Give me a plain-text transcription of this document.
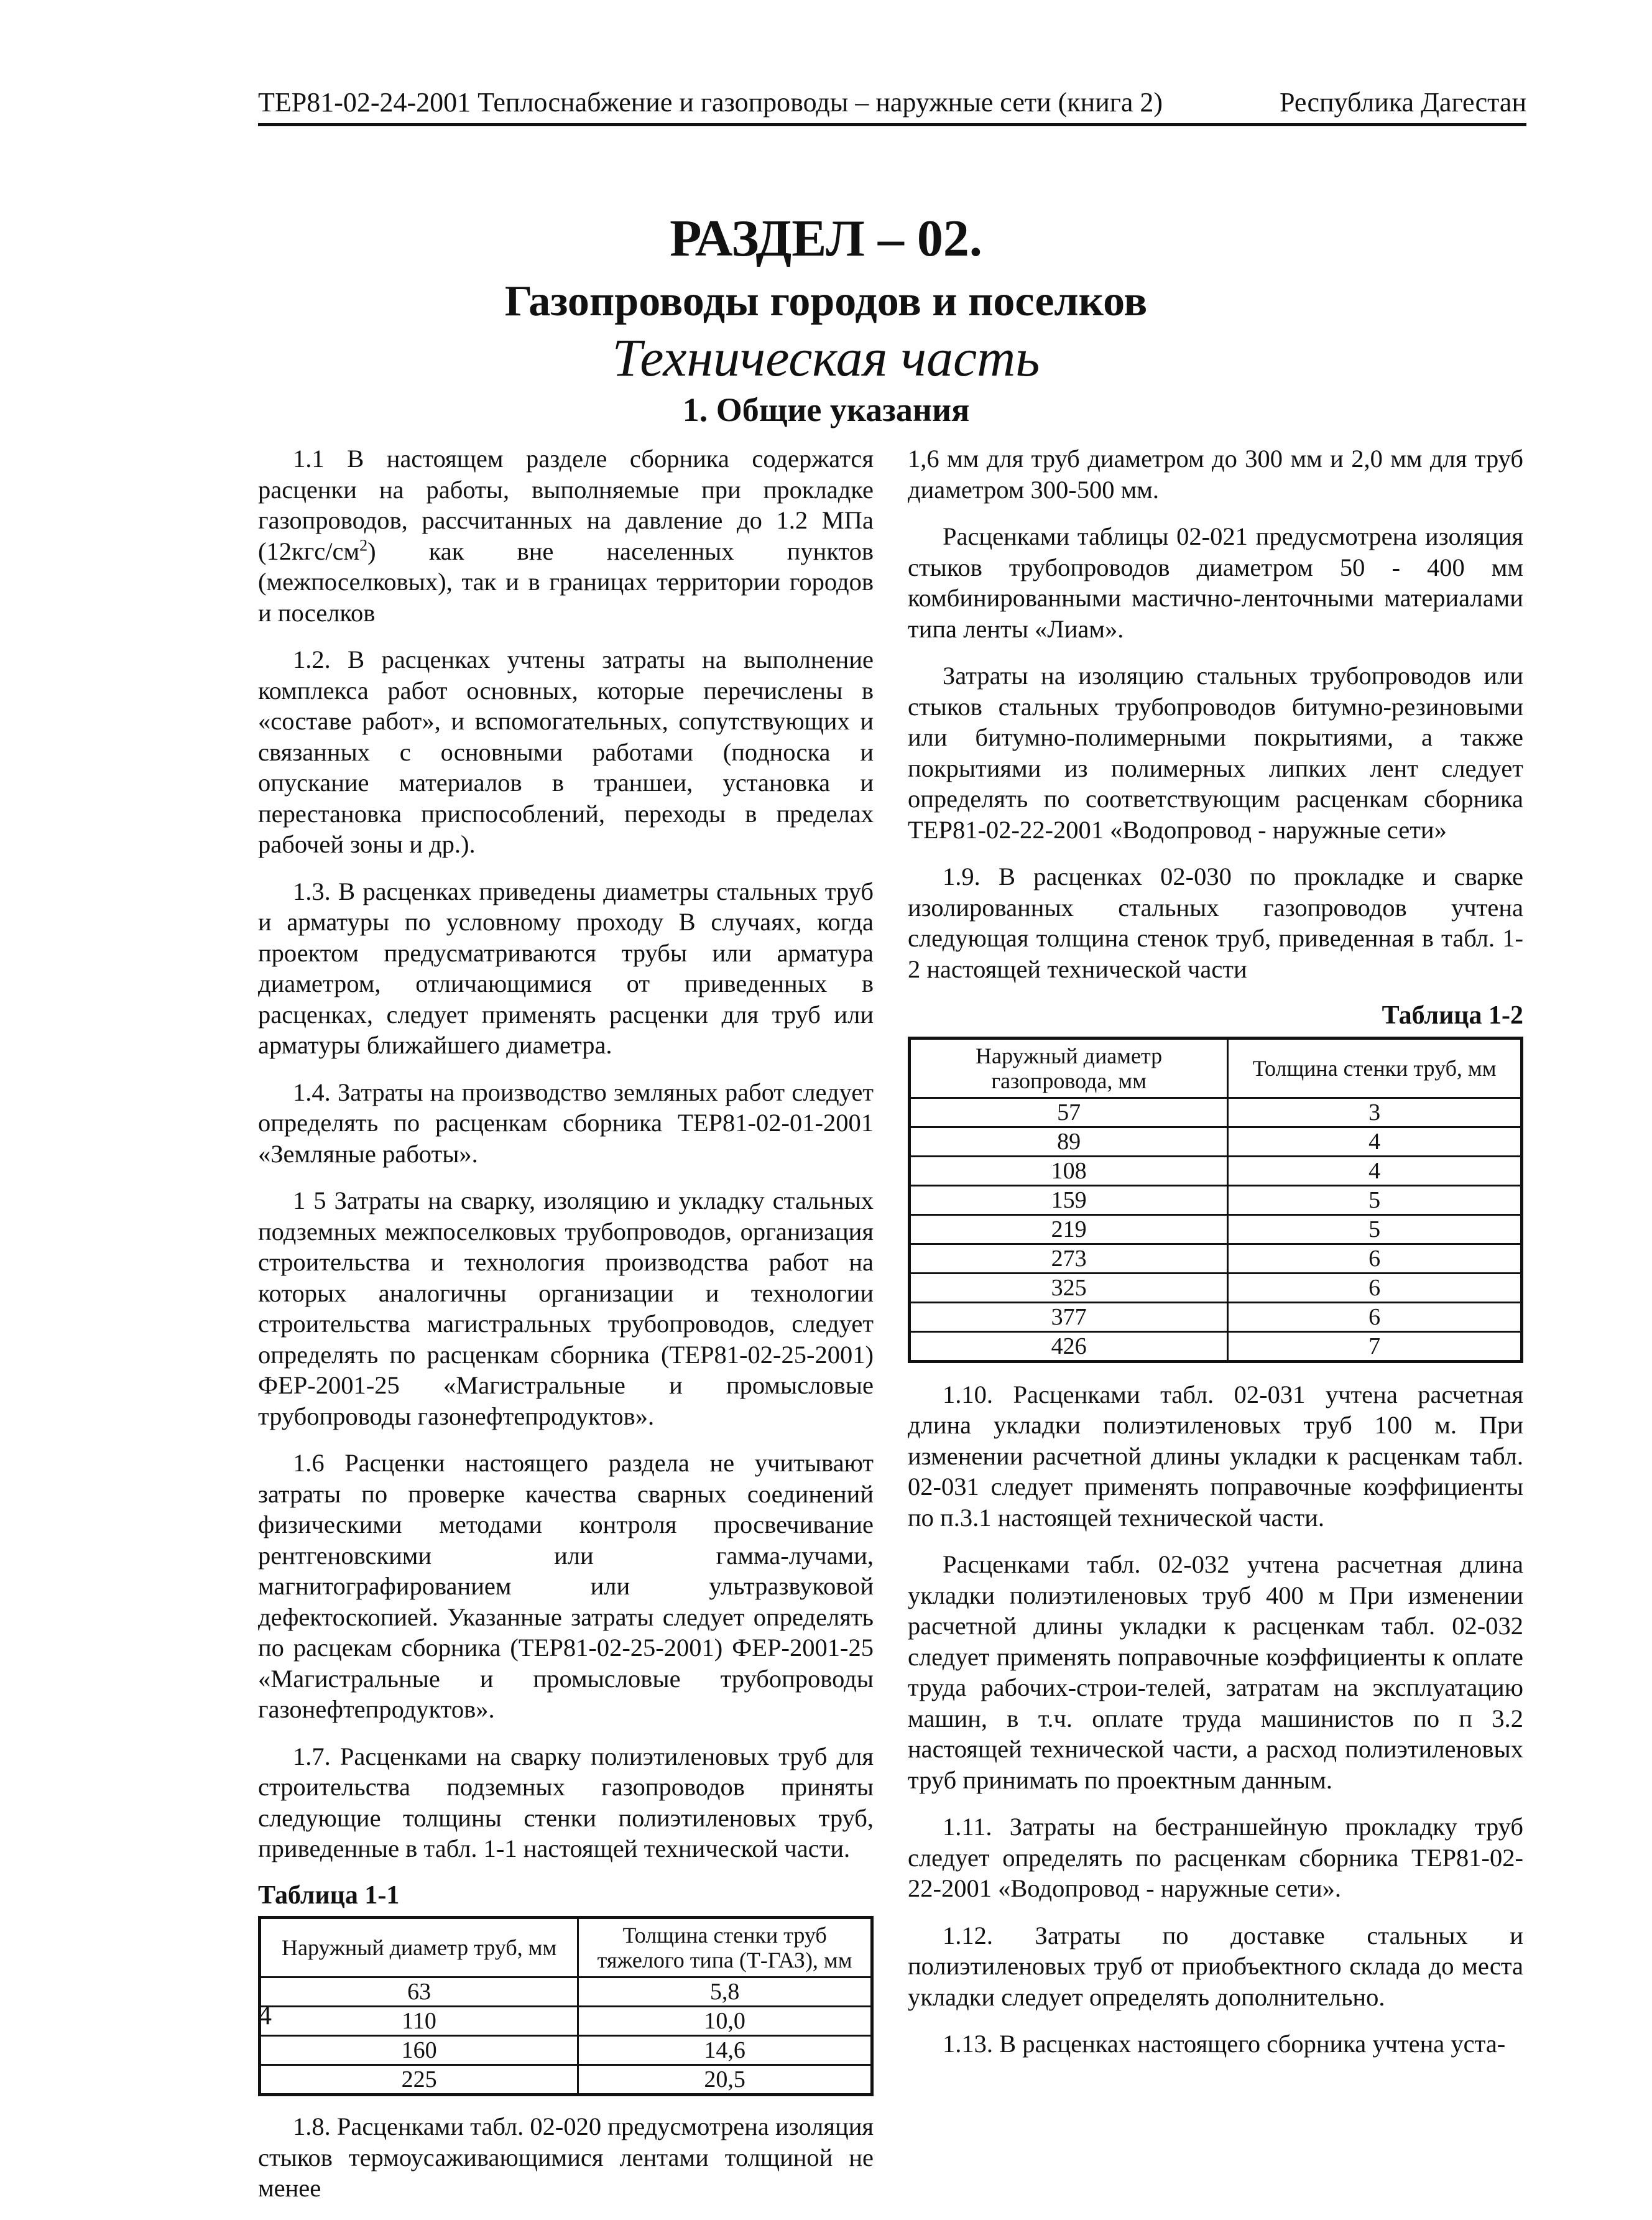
ТЕР81-02-24-2001 Теплоснабжение и газопроводы – наружные сети (книга 2)	Республика Дагестан
РАЗДЕЛ – 02.
Газопроводы городов и поселков
Техническая часть
1. Общие указания

1.1 В настоящем разделе сборника содержатся расценки на работы, выполняемые при прокладке газопроводов, рассчитанных на давление до 1.2 МПа $(12кгс/см^2)$ как вне населенных пунктов (межпоселковых), так и в границах территории городов и поселков

1.2. В расценках учтены затраты на выполнение комплекса работ основных, которые перечислены в «составе работ», и вспомогательных, сопутствующих и связанных с основными работами (подноска и опускание материалов в траншеи, установка и перестановка приспособлений, переходы в пределах рабочей зоны и др.).

1.3. В расценках приведены диаметры стальных труб и арматуры по условному проходу В случаях, когда проектом предусматриваются трубы или арматура диаметром, отличающимися от приведенных в расценках, следует применять расценки для труб или арматуры ближайшего диаметра.

1.4. Затраты на производство земляных работ следует определять по расценкам сборника ТЕР81-02-01-2001 «Земляные работы».

1 5 Затраты на сварку, изоляцию и укладку стальных подземных межпоселковых трубопроводов, организация строительства и технология производства работ на которых аналогичны организации и технологии строительства магистральных трубопроводов, следует определять по расценкам сборника (ТЕР81-02-25-2001) ФЕР-2001-25 «Магистральные и промысловые трубопроводы газонефтепродуктов».

1.6 Расценки настоящего раздела не учитывают затраты по проверке качества сварных соединений физическими методами контроля просвечивание рентгеновскими или гамма-лучами, магнитографированием или ультразвуковой дефектоскопией. Указанные затраты следует определять по расцекам сборника (ТЕР81-02-25-2001) ФЕР-2001-25 «Магистральные и промысловые трубопроводы газонефтепродуктов».

1.7. Расценками на сварку полиэтиленовых труб для строительства подземных газопроводов приняты следующие толщины стенки полиэтиленовых труб, приведенные в табл. 1-1 настоящей технической части.

Таблица 1-1
Наружный диаметр труб, мм	Толщина стенки труб тяжелого типа (Т-ГАЗ), мм
63	5,8
110	10,0
160	14,6
225	20,5

1.8. Расценками табл. 02-020 предусмотрена изоляция стыков термоусаживающимися лентами толщиной не менее

1,6 мм для труб диаметром до 300 мм и 2,0 мм для труб диаметром 300-500 мм.

Расценками таблицы 02-021 предусмотрена изоляция стыков трубопроводов диаметром 50 - 400 мм комбинированными мастично-ленточными материалами типа ленты «Лиам».

Затраты на изоляцию стальных трубопроводов или стыков стальных трубопроводов битумно-резиновыми или битумно-полимерными покрытиями, а также покрытиями из полимерных липких лент следует определять по соответствующим расценкам сборника ТЕР81-02-22-2001 «Водопровод - наружные сети»

1.9. В расценках 02-030 по прокладке и сварке изолированных стальных газопроводов учтена следующая толщина стенок труб, приведенная в табл. 1-2 настоящей технической части

Таблица 1-2
Наружный диаметр газопровода, мм	Толщина стенки труб, мм
57	3
89	4
108	4
159	5
219	5
273	6
325	6
377	6
426	7

1.10. Расценками табл. 02-031 учтена расчетная длина укладки полиэтиленовых труб 100 м. При изменении расчетной длины укладки к расценкам табл. 02-031 следует применять поправочные коэффициенты по п.3.1 настоящей технической части.

Расценками табл. 02-032 учтена расчетная длина укладки полиэтиленовых труб 400 м При изменении расчетной длины укладки к расценкам табл. 02-032 следует применять поправочные коэффициенты к оплате труда рабочих-строи-телей, затратам на эксплуатацию машин, в т.ч. оплате труда машинистов по п 3.2 настоящей технической части, а расход полиэтиленовых труб принимать по проектным данным.

1.11. Затраты на бестраншейную прокладку труб следует определять по расценкам сборника ТЕР81-02-22-2001 «Водопровод - наружные сети».

1.12. Затраты по доставке стальных и полиэтиленовых труб от приобъектного склада до места укладки следует определять дополнительно.

1.13. В расценках настоящего сборника учтена уста-

4
